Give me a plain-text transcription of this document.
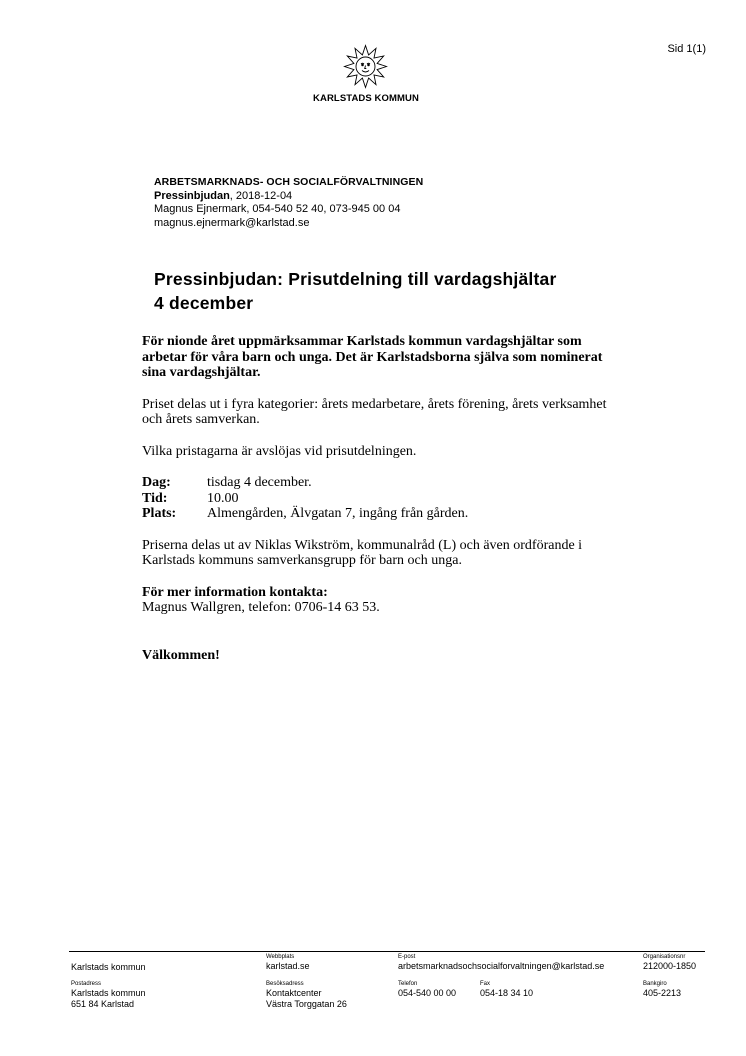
Sid 1(1)
KARLSTADS KOMMUN
ARBETSMARKNADS- OCH SOCIALFÖRVALTNINGEN
Pressinbjudan, 2018-12-04
Magnus Ejnermark, 054-540 52 40, 073-945 00 04
magnus.ejnermark@karlstad.se
Pressinbjudan: Prisutdelning till vardagshjältar
4 december

För nionde året uppmärksammar Karlstads kommun vardagshjältar som arbetar för våra barn och unga. Det är Karlstadsborna själva som nominerat sina vardagshjältar.

Priset delas ut i fyra kategorier: årets medarbetare, årets förening, årets verksamhet och årets samverkan.

Vilka pristagarna är avslöjas vid prisutdelningen.

Dag:	tisdag 4 december.
Tid:	10.00
Plats:	Almengården, Älvgatan 7, ingång från gården.

Priserna delas ut av Niklas Wikström, kommunalråd (L) och även ordförande i Karlstads kommuns samverkansgrupp för barn och unga.

För mer information kontakta:

Magnus Wallgren, telefon: 0706-14 63 53.

Välkommen!

Karlstads kommun
Webbplats
karlstad.se
E-post
arbetsmarknadsochsocialforvaltningen@karlstad.se
Organisationsnr
212000-1850
Postadress
Karlstads kommun
651 84 Karlstad
Besöksadress
Kontaktcenter
Västra Torggatan 26
Telefon
054-540 00 00
Fax
054-18 34 10
Bankgiro
405-2213
